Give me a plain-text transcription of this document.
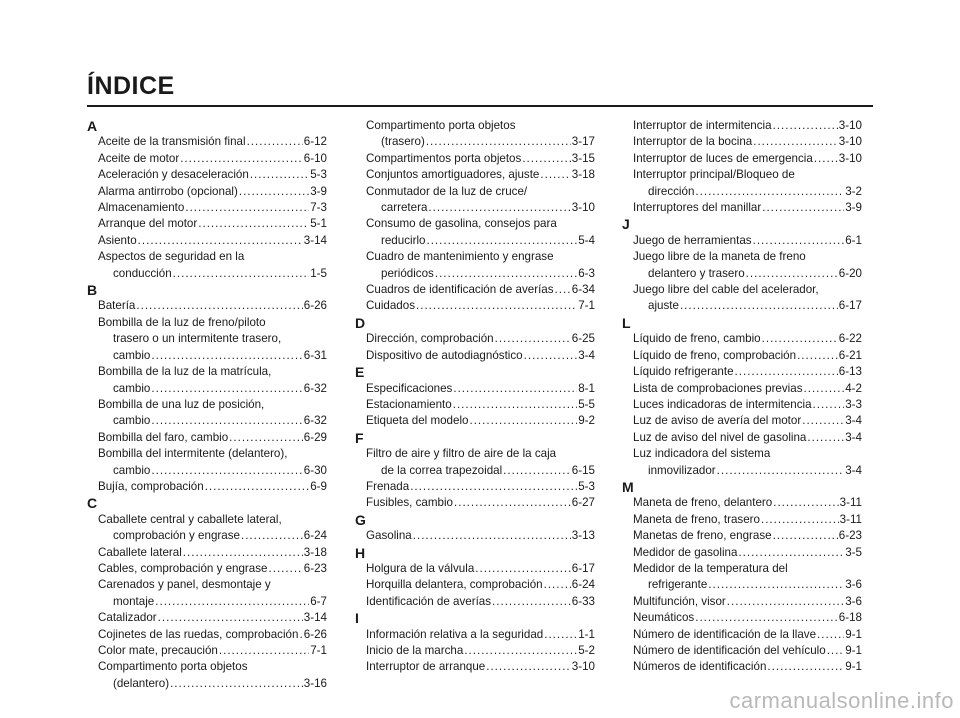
ÍNDICE
A
Aceite de la transmisión final .....	6-12
Aceite de motor .....	6-10
Aceleración y desaceleración .....	5-3
Alarma antirrobo (opcional) .....	3-9
Almacenamiento .....	7-3
Arranque del motor .....	5-1
Asiento .....	3-14
Aspectos de seguridad en la
conducción .....	1-5
B
Batería .....	6-26
Bombilla de la luz de freno/piloto
trasero o un intermitente trasero,
cambio .....	6-31
Bombilla de la luz de la matrícula,
cambio .....	6-32
Bombilla de una luz de posición,
cambio .....	6-32
Bombilla del faro, cambio .....	6-29
Bombilla del intermitente (delantero),
cambio .....	6-30
Bujía, comprobación .....	6-9
C
Caballete central y caballete lateral,
comprobación y engrase .....	6-24
Caballete lateral .....	3-18
Cables, comprobación y engrase .....	6-23
Carenados y panel, desmontaje y
montaje .....	6-7
Catalizador .....	3-14
Cojinetes de las ruedas, comprobación ..... 6-26
Color mate, precaución .....	7-1
Compartimento porta objetos
(delantero) .....	3-16
Compartimento porta objetos
(trasero) .....	3-17
Compartimentos porta objetos .....	3-15
Conjuntos amortiguadores, ajuste .....	3-18
Conmutador de la luz de cruce/
carretera .....	3-10
Consumo de gasolina, consejos para
reducirlo .....	5-4
Cuadro de mantenimiento y engrase
periódicos .....	6-3
Cuadros de identificación de averías ..... 6-34
Cuidados .....	7-1
D
Dirección, comprobación .....	6-25
Dispositivo de autodiagnóstico .....	3-4
E
Especificaciones .....	8-1
Estacionamiento .....	5-5
Etiqueta del modelo .....	9-2
F
Filtro de aire y filtro de aire de la caja
de la correa trapezoidal .....	6-15
Frenada .....	5-3
Fusibles, cambio .....	6-27
G
Gasolina .....	3-13
H
Holgura de la válvula .....	6-17
Horquilla delantera, comprobación .....	6-24
Identificación de averías .....	6-33
I
Información relativa a la seguridad .....	1-1
Inicio de la marcha .....	5-2
Interruptor de arranque .....	3-10
Interruptor de intermitencia .....	3-10
Interruptor de la bocina .....	3-10
Interruptor de luces de emergencia ..... 3-10
Interruptor principal/Bloqueo de
dirección .....	3-2
Interruptores del manillar .....	3-9
J
Juego de herramientas .....	6-1
Juego libre de la maneta de freno
delantero y trasero .....	6-20
Juego libre del cable del acelerador,
ajuste .....	6-17
L
Líquido de freno, cambio .....	6-22
Líquido de freno, comprobación .....	6-21
Líquido refrigerante .....	6-13
Lista de comprobaciones previas .....	4-2
Luces indicadoras de intermitencia .....	3-3
Luz de aviso de avería del motor .....	3-4
Luz de aviso del nivel de gasolina .....	3-4
Luz indicadora del sistema
inmovilizador .....	3-4
M
Maneta de freno, delantero .....	3-11
Maneta de freno, trasero .....	3-11
Manetas de freno, engrase .....	6-23
Medidor de gasolina .....	3-5
Medidor de la temperatura del
refrigerante .....	3-6
Multifunción, visor .....	3-6
Neumáticos .....	6-18
Número de identificación de la llave .....	9-1
Número de identificación del vehículo ..... 9-1
Números de identificación .....	9-1
carmanualsonline.info
